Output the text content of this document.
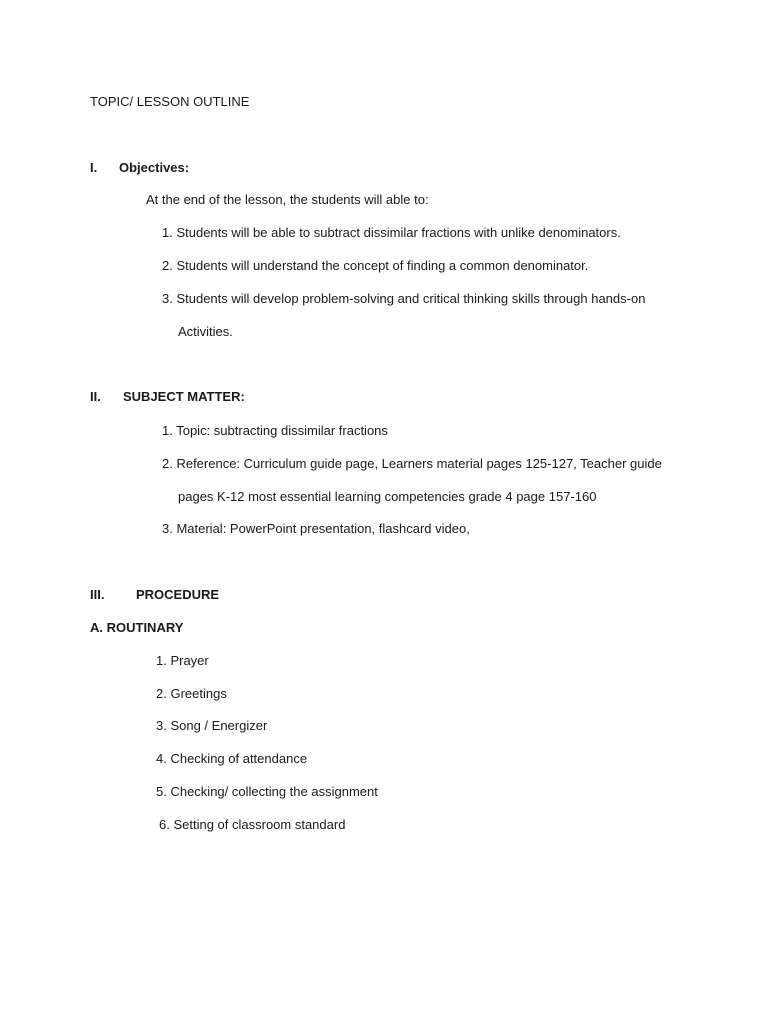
TOPIC/ LESSON OUTLINE
I. Objectives:
At the end of the lesson, the students will able to:
1. Students will be able to subtract dissimilar fractions with unlike denominators.
2. Students will understand the concept of finding a common denominator.
3. Students will develop problem-solving and critical thinking skills through hands-on
Activities.
II. SUBJECT MATTER:
1. Topic: subtracting dissimilar fractions
2. Reference: Curriculum guide page, Learners material pages 125-127, Teacher guide
pages K-12 most essential learning competencies grade 4 page 157-160
3. Material: PowerPoint presentation, flashcard video,
III. PROCEDURE
A. ROUTINARY
1. Prayer
2. Greetings
3. Song / Energizer
4. Checking of attendance
5. Checking/ collecting the assignment
6. Setting of classroom standard
